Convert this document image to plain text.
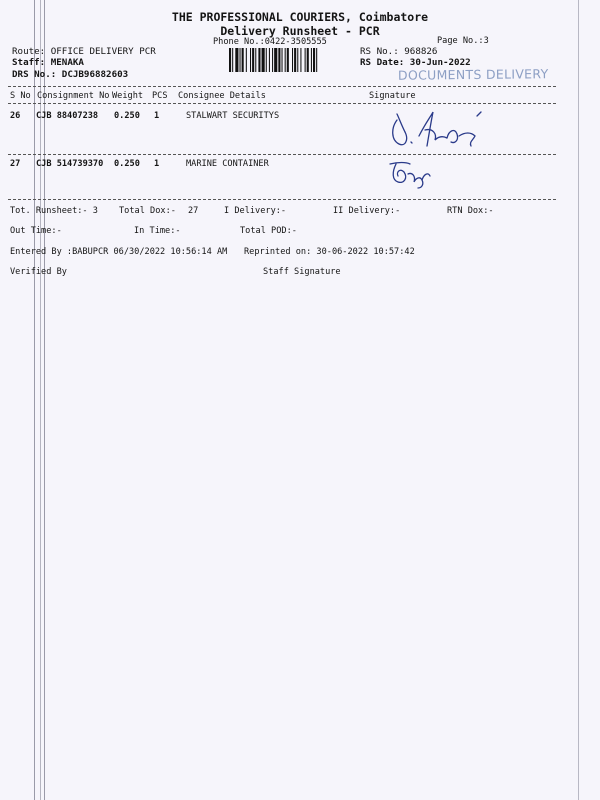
THE PROFESSIONAL COURIERS, Coimbatore
Delivery Runsheet - PCR
Phone No.:0422-3505555	Page No.:3
Route: OFFICE DELIVERY PCR
Staff: MENAKA
DRS No.: DCJB96882603
RS No.: 968826
RS Date: 30-Jun-2022
DOCUMENTS DELIVERY
S No Consignment No Weight PCS Consignee Details	Signature
26 CJB 88407238 0.250 1	STALWART SECURITYS
27 CJB 514739370 0.250 1	MARINE CONTAINER
Tot. Runsheet:- 3 Total Dox:- 27	I Delivery:-	II Delivery:-	RTN Dox:-
Out Time:-	In Time:-	Total POD:-
Entered By :BABUPCR 06/30/2022 10:56:14 AM Reprinted on: 30-06-2022 10:57:42
Verified By	Staff Signature
